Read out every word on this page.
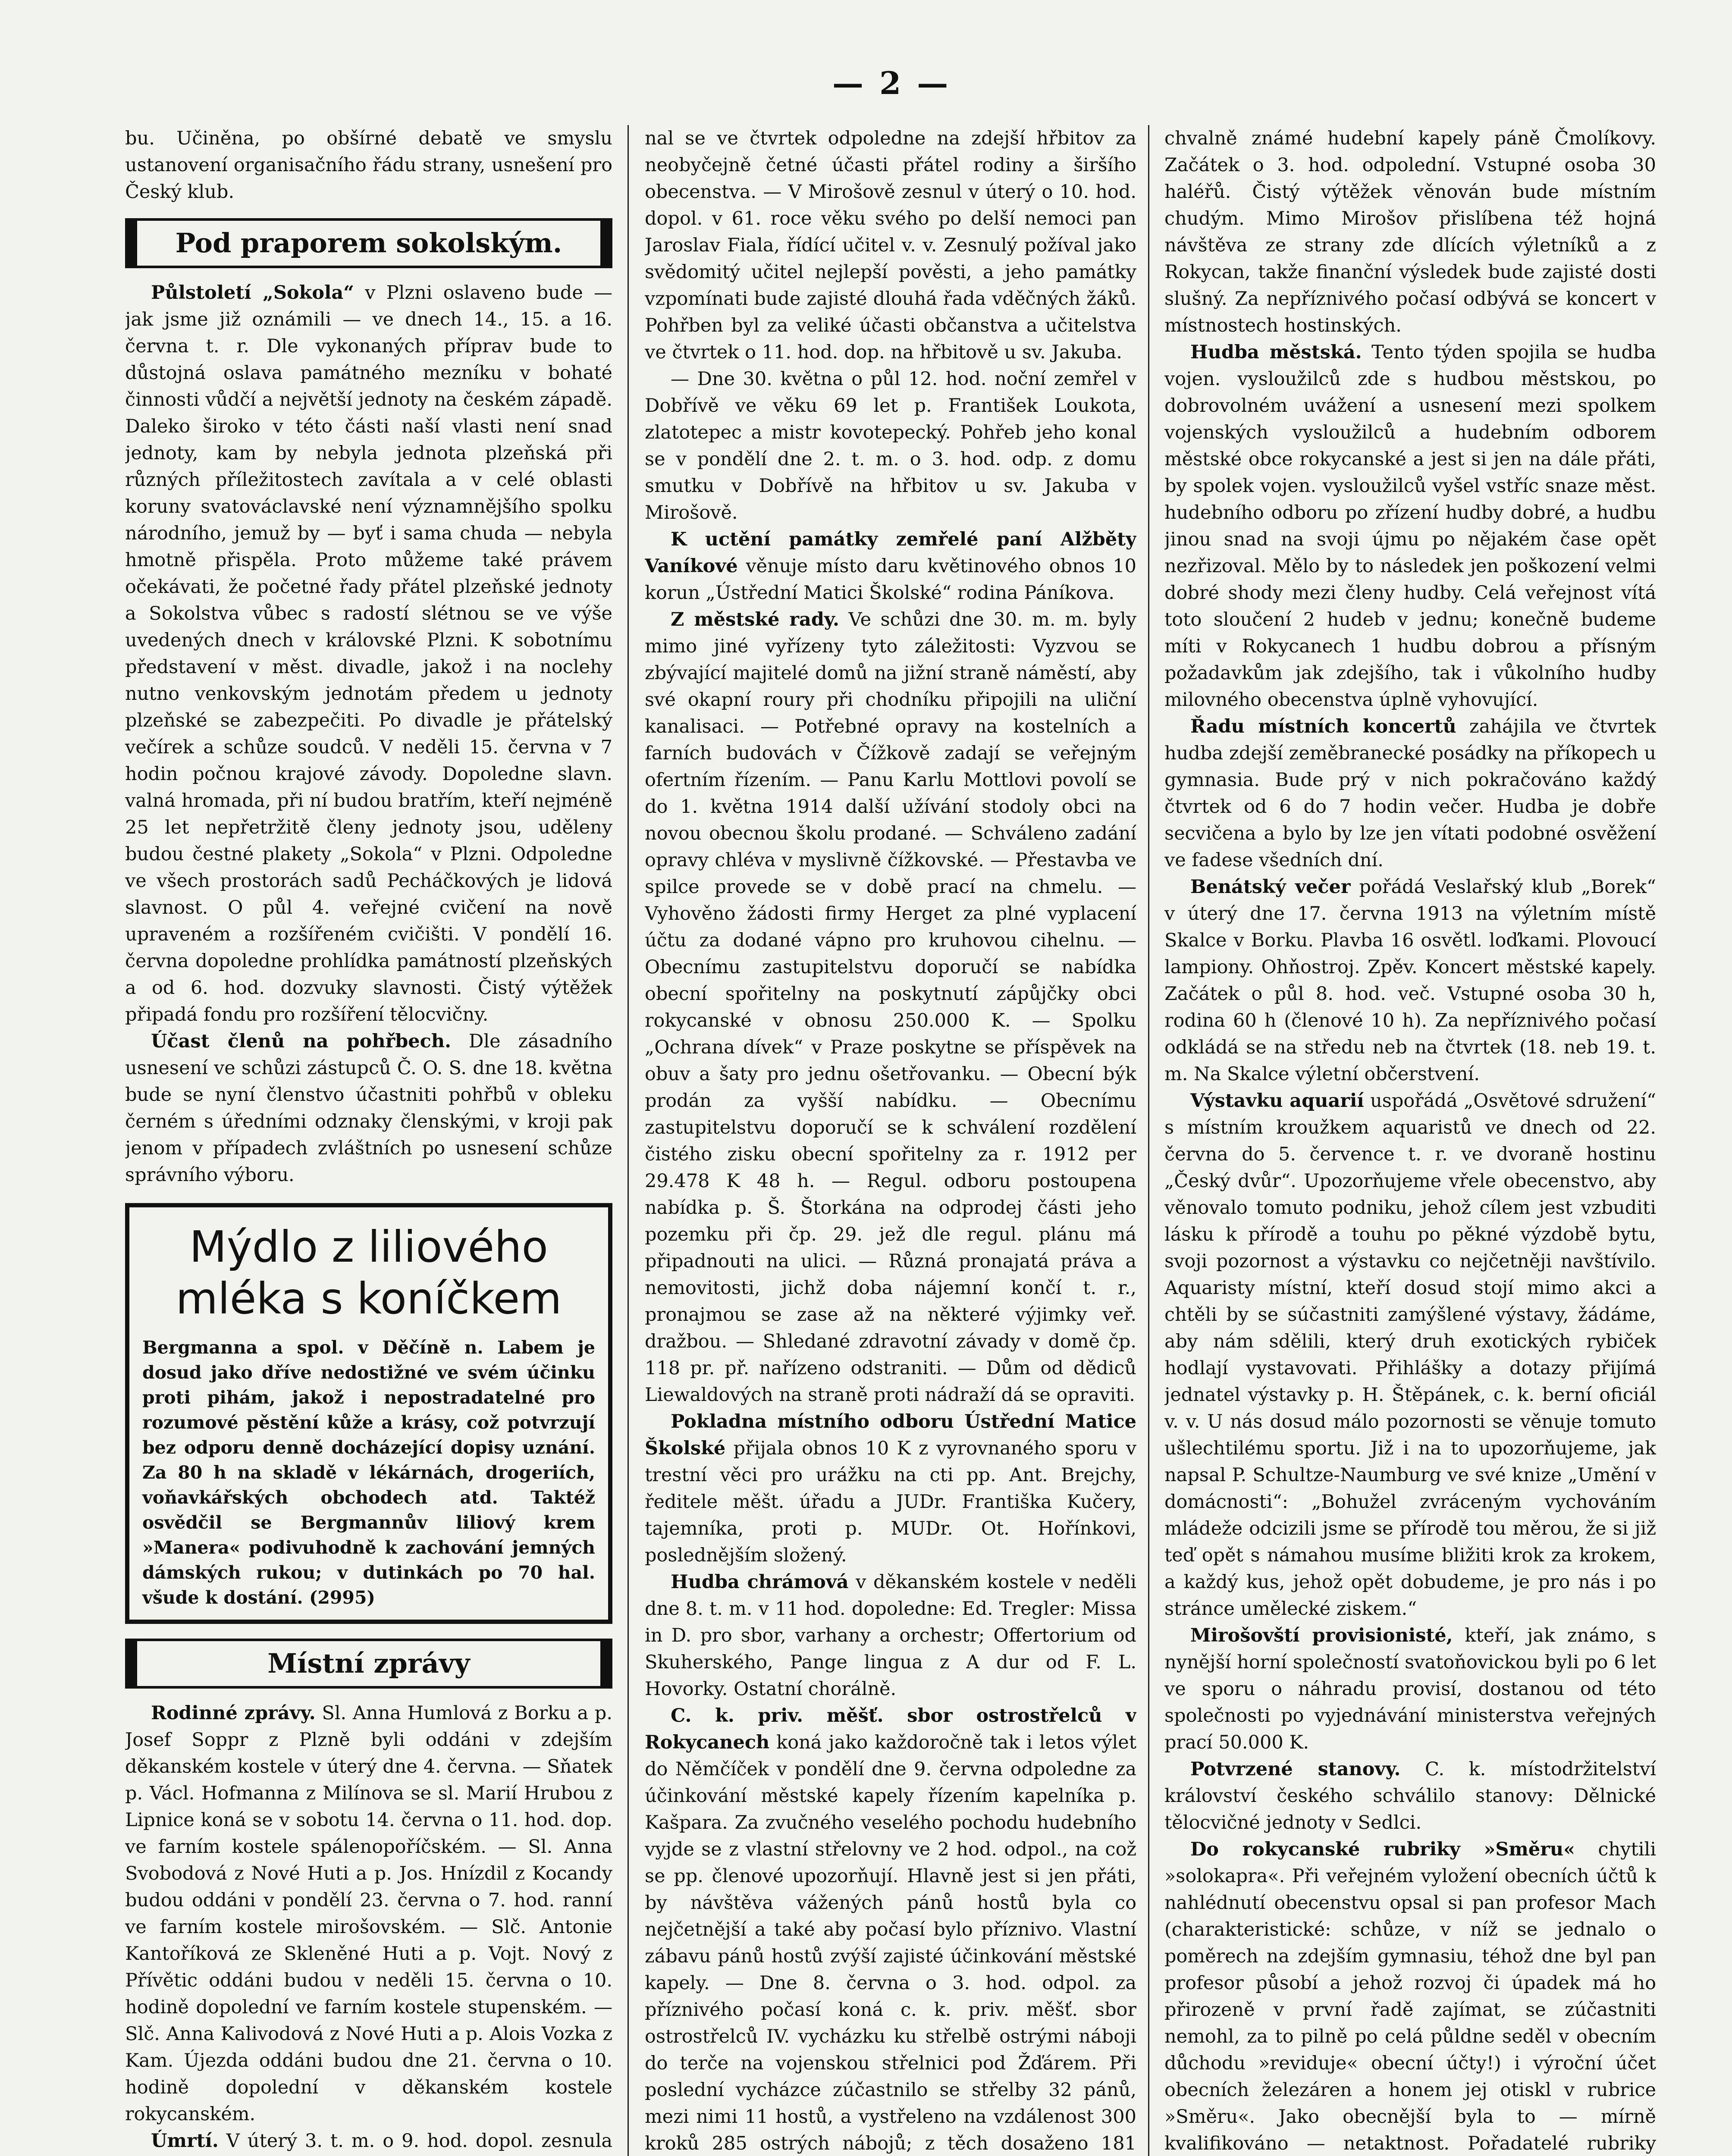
— 2 —

bu. Učiněna, po obšírné debatě ve smyslu ustanovení organisačního řádu strany, usnešení pro Český klub.

Pod praporem sokolským.

Půlstoletí „Sokola“ v Plzni oslaveno bude — jak jsme již oznámili — ve dnech 14., 15. a 16. června t. r. Dle vykonaných příprav bude to důstojná oslava památného mezníku v bohaté činnosti vůdčí a největší jednoty na českém západě. Daleko široko v této části naší vlasti není snad jednoty, kam by nebyla jednota plzeňská při různých příležitostech zavítala a v celé oblasti koruny svatováclavské není významnějšího spolku národního, jemuž by — byť i sama chuda — nebyla hmotně přispěla. Proto můžeme také právem očekávati, že početné řady přátel plzeňské jednoty a Sokolstva vůbec s radostí slétnou se ve výše uvedených dnech v královské Plzni. K sobotnímu představení v měst. divadle, jakož i na noclehy nutno venkovským jednotám předem u jednoty plzeňské se zabezpečiti. Po divadle je přátelský večírek a schůze soudců. V neděli 15. června v 7 hodin počnou krajové závody. Dopoledne slavn. valná hromada, při ní budou bratřím, kteří nejméně 25 let nepřetržitě členy jednoty jsou, uděleny budou čestné plakety „Sokola“ v Plzni. Odpoledne ve všech prostorách sadů Pecháčkových je lidová slavnost. O půl 4. veřejné cvičení na nově upraveném a rozšířeném cvičišti. V pondělí 16. června dopoledne prohlídka památností plzeňských a od 6. hod. dozvuky slavnosti. Čistý výtěžek připadá fondu pro rozšíření tělocvičny.

Účast členů na pohřbech. Dle zásadního usnesení ve schůzi zástupců Č. O. S. dne 18. května bude se nyní členstvo účastniti pohřbů v obleku černém s úředními odznaky členskými, v kroji pak jenom v případech zvláštních po usnesení schůze správního výboru.

Mýdlo z liliového mléka s koníčkem
Bergmanna a spol. v Děčíně n. Labem je dosud jako dříve nedostižné ve svém účinku proti pihám, jakož i nepostradatelné pro rozumové pěstění kůže a krásy, což potvrzují bez odporu denně docházející dopisy uznání. Za 80 h na skladě v lékárnách, drogeriích, voňavkářských obchodech atd. Taktéž osvědčil se Bergmannův liliový krem »Manera« podivuhodně k zachování jemných dámských rukou; v dutinkách po 70 hal. všude k dostání. (2995)
Místní zprávy

Rodinné zprávy. Sl. Anna Humlová z Borku a p. Josef Soppr z Plzně byli oddáni v zdejším děkanském kostele v úterý dne 4. června. — Sňatek p. Václ. Hofmanna z Milínova se sl. Marií Hrubou z Lipnice koná se v sobotu 14. června o 11. hod. dop. ve farním kostele spálenopoříčském. — Sl. Anna Svobodová z Nové Huti a p. Jos. Hnízdil z Kocandy budou oddáni v pondělí 23. června o 7. hod. ranní ve farním kostele mirošovském. — Slč. Antonie Kantoříková ze Skleněné Huti a p. Vojt. Nový z Přívětic oddáni budou v neděli 15. června o 10. hodině dopolední ve farním kostele stupenském. — Slč. Anna Kalivodová z Nové Huti a p. Alois Vozka z Kam. Újezda oddáni budou dne 21. června o 10. hodině dopolední v děkanském kostele rokycanském.

Úmrtí. V úterý 3. t. m. o 9. hod. dopol. zesnula

nal se ve čtvrtek odpoledne na zdejší hřbitov za neobyčejně četné účasti přátel rodiny a širšího obecenstva. — V Mirošově zesnul v úterý o 10. hod. dopol. v 61. roce věku svého po delší nemoci pan Jaroslav Fiala, řídící učitel v. v. Zesnulý požíval jako svědomitý učitel nejlepší pověsti, a jeho památky vzpomínati bude zajisté dlouhá řada vděčných žáků. Pohřben byl za veliké účasti občanstva a učitelstva ve čtvrtek o 11. hod. dop. na hřbitově u sv. Jakuba.

— Dne 30. května o půl 12. hod. noční zemřel v Dobřívě ve věku 69 let p. František Loukota, zlatotepec a mistr kovotepecký. Pohřeb jeho konal se v pondělí dne 2. t. m. o 3. hod. odp. z domu smutku v Dobřívě na hřbitov u sv. Jakuba v Mirošově.

K uctění památky zemřelé paní Alžběty Vaníkové věnuje místo daru květinového obnos 10 korun „Ústřední Matici Školské“ rodina Páníkova.

Z městské rady. Ve schůzi dne 30. m. m. byly mimo jiné vyřízeny tyto záležitosti: Vyzvou se zbývající majitelé domů na jižní straně náměstí, aby své okapní roury při chodníku připojili na uliční kanalisaci. — Potřebné opravy na kostelních a farních budovách v Čížkově zadají se veřejným ofertním řízením. — Panu Karlu Mottlovi povolí se do 1. května 1914 další užívání stodoly obci na novou obecnou školu prodané. — Schváleno zadání opravy chléva v myslivně čížkovské. — Přestavba ve spilce provede se v době prací na chmelu. — Vyhověno žádosti firmy Herget za plné vyplacení účtu za dodané vápno pro kruhovou cihelnu. — Obecnímu zastupitelstvu doporučí se nabídka obecní spořitelny na poskytnutí zápůjčky obci rokycanské v obnosu 250.000 K. — Spolku „Ochrana dívek“ v Praze poskytne se příspěvek na obuv a šaty pro jednu ošetřovanku. — Obecní býk prodán za vyšší nabídku. — Obecnímu zastupitelstvu doporučí se k schválení rozdělení čistého zisku obecní spořitelny za r. 1912 per 29.478 K 48 h. — Regul. odboru postoupena nabídka p. Š. Štorkána na odprodej části jeho pozemku při čp. 29. jež dle regul. plánu má připadnouti na ulici. — Různá pronajatá práva a nemovitosti, jichž doba nájemní končí t. r., pronajmou se zase až na některé výjimky veř. dražbou. — Shledané zdravotní závady v domě čp. 118 pr. př. nařízeno odstraniti. — Dům od dědiců Liewaldových na straně proti nádraží dá se opraviti.

Pokladna místního odboru Ústřední Matice Školské přijala obnos 10 K z vyrovnaného sporu v trestní věci pro urážku na cti pp. Ant. Brejchy, ředitele měšt. úřadu a JUDr. Františka Kučery, tajemníka, proti p. MUDr. Ot. Hořínkovi, poslednějším složený.

Hudba chrámová v děkanském kostele v neděli dne 8. t. m. v 11 hod. dopoledne: Ed. Tregler: Missa in D. pro sbor, varhany a orchestr; Offertorium od Skuherského, Pange lingua z A dur od F. L. Hovorky. Ostatní chorálně.

C. k. priv. měšť. sbor ostrostřelců v Rokycanech koná jako každoročně tak i letos výlet do Němčíček v pondělí dne 9. června odpoledne za účinkování městské kapely řízením kapelníka p. Kašpara. Za zvučného veselého pochodu hudebního vyjde se z vlastní střelovny ve 2 hod. odpol., na což se pp. členové upozorňují. Hlavně jest si jen přáti, by návštěva vážených pánů hostů byla co nejčetnější a také aby počasí bylo příznivo. Vlastní zábavu pánů hostů zvýší zajisté účinkování městské kapely. — Dne 8. června o 3. hod. odpol. za příznivého počasí koná c. k. priv. měšť. sbor ostrostřelců IV. vycházku ku střelbě ostrými náboji do terče na vojenskou střelnici pod Žďárem. Při poslední vycházce zúčastnilo se střelby 32 pánů, mezi nimi 11 hostů, a vystřeleno na vzdálenost 300 kroků 285 ostrých nábojů; z těch dosaženo 181

chvalně známé hudební kapely páně Čmolíkovy. Začátek o 3. hod. odpolední. Vstupné osoba 30 haléřů. Čistý výtěžek věnován bude místním chudým. Mimo Mirošov přislíbena též hojná návštěva ze strany zde dlících výletníků a z Rokycan, takže finanční výsledek bude zajisté dosti slušný. Za nepříznivého počasí odbývá se koncert v místnostech hostinských.

Hudba městská. Tento týden spojila se hudba vojen. vysloužilců zde s hudbou městskou, po dobrovolném uvážení a usnesení mezi spolkem vojenských vysloužilců a hudebním odborem městské obce rokycanské a jest si jen na dále přáti, by spolek vojen. vysloužilců vyšel vstříc snaze měst. hudebního odboru po zřízení hudby dobré, a hudbu jinou snad na svoji újmu po nějakém čase opět nezřizoval. Mělo by to následek jen poškození velmi dobré shody mezi členy hudby. Celá veřejnost vítá toto sloučení 2 hudeb v jednu; konečně budeme míti v Rokycanech 1 hudbu dobrou a přísným požadavkům jak zdejšího, tak i vůkolního hudby milovného obecenstva úplně vyhovující.

Řadu místních koncertů zahájila ve čtvrtek hudba zdejší zeměbranecké posádky na příkopech u gymnasia. Bude prý v nich pokračováno každý čtvrtek od 6 do 7 hodin večer. Hudba je dobře secvičena a bylo by lze jen vítati podobné osvěžení ve fadese všedních dní.

Benátský večer pořádá Veslařský klub „Borek“ v úterý dne 17. června 1913 na výletním místě Skalce v Borku. Plavba 16 osvětl. loďkami. Plovoucí lampiony. Ohňostroj. Zpěv. Koncert městské kapely. Začátek o půl 8. hod. več. Vstupné osoba 30 h, rodina 60 h (členové 10 h). Za nepříznivého počasí odkládá se na středu neb na čtvrtek (18. neb 19. t. m. Na Skalce výletní občerstvení.

Výstavku aquarií uspořádá „Osvětové sdružení“ s místním kroužkem aquaristů ve dnech od 22. června do 5. července t. r. ve dvoraně hostinu „Český dvůr“. Upozorňujeme vřele obecenstvo, aby věnovalo tomuto podniku, jehož cílem jest vzbuditi lásku k přírodě a touhu po pěkné výzdobě bytu, svoji pozornost a výstavku co nejčetněji navštívilo. Aquaristy místní, kteří dosud stojí mimo akci a chtěli by se súčastniti zamýšlené výstavy, žádáme, aby nám sdělili, který druh exotických rybiček hodlají vystavovati. Přihlášky a dotazy přijímá jednatel výstavky p. H. Štěpánek, c. k. berní oficiál v. v. U nás dosud málo pozornosti se věnuje tomuto ušlechtilému sportu. Již i na to upozorňujeme, jak napsal P. Schultze-Naumburg ve své knize „Umění v domácnosti“: „Bohužel zvráceným vychováním mládeže odcizili jsme se přírodě tou měrou, že si již teď opět s námahou musíme bližiti krok za krokem, a každý kus, jehož opět dobudeme, je pro nás i po stránce umělecké ziskem.“

Mirošovští provisionisté, kteří, jak známo, s nynější horní společností svatoňovickou byli po 6 let ve sporu o náhradu provisí, dostanou od této společnosti po vyjednávání ministerstva veřejných prací 50.000 K.

Potvrzené stanovy. C. k. místodržitelství království českého schválilo stanovy: Dělnické tělocvičné jednoty v Sedlci.

Do rokycanské rubriky »Směru« chytili »solokapra«. Při veřejném vyložení obecních účtů k nahlédnutí obecenstvu opsal si pan profesor Mach (charakteristické: schůze, v níž se jednalo o poměrech na zdejším gymnasiu, téhož dne byl pan profesor působí a jehož rozvoj či úpadek má ho přirozeně v první řadě zajímat, se zúčastniti nemohl, za to pilně po celá půldne seděl v obecním důchodu »reviduje« obecní účty!) i výroční účet obecních železáren a honem jej otiskl v rubrice »Směru«. Jako obecnější byla to — mírně kvalifikováno — netaktnost. Pořadatelé rubriky
